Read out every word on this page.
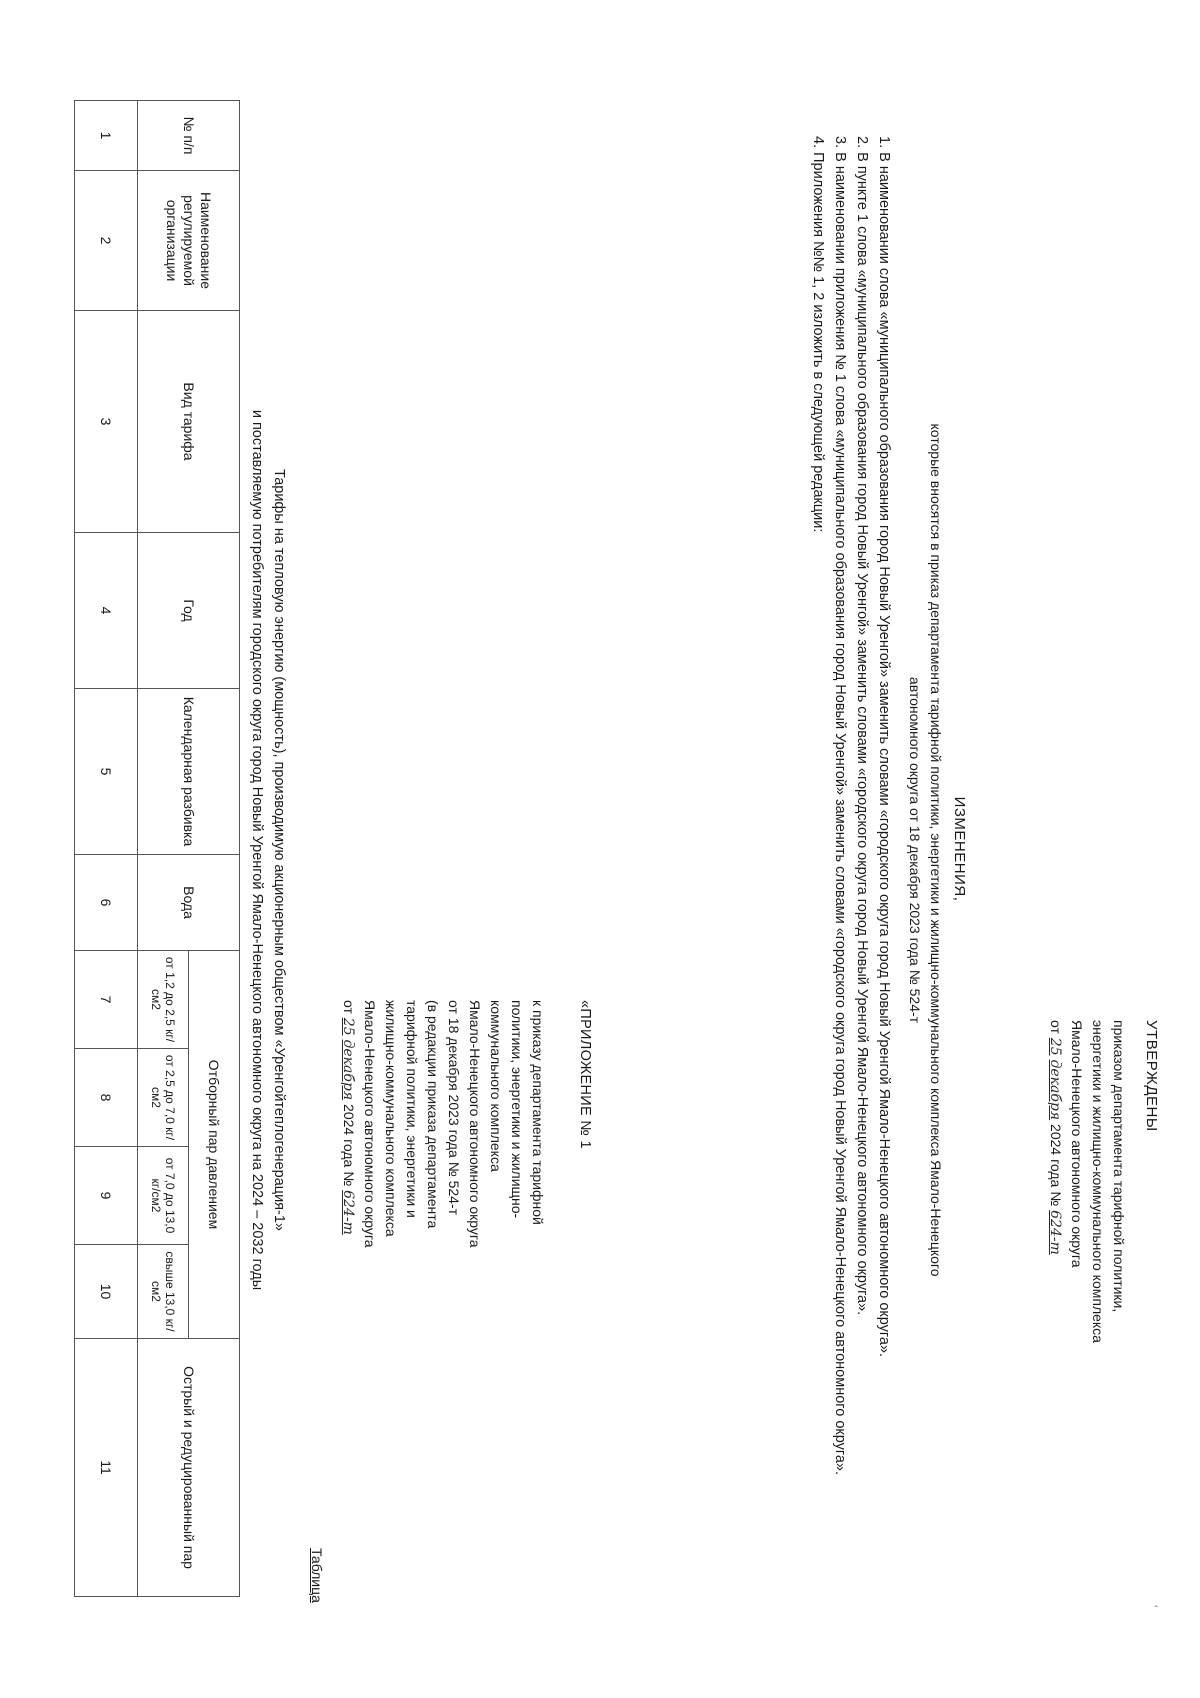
УТВЕРЖДЕНЫ
приказом департамента тарифной политики,
энергетики и жилищно-коммунального комплекса
Ямало-Ненецкого автономного округа
от 25 декабря 2024 года № 624-т
ИЗМЕНЕНИЯ,
которые вносятся в приказ департамента тарифной политики, энергетики и жилищно-коммунального комплекса Ямало-Ненецкого
автономного округа от 18 декабря 2023 года № 524-т

1. В наименовании слова «муниципального образования город Новый Уренгой» заменить словами «городского округа город Новый Уренгой Ямало-Ненецкого автономного округа».

2. В пункте 1 слова «муниципального образования город Новый Уренгой» заменить словами «городского округа город Новый Уренгой Ямало-Ненецкого автономного округа».

3. В наименовании приложения № 1 слова «муниципального образования город Новый Уренгой» заменить словами «городского округа город Новый Уренгой Ямало-Ненецкого автономного округа».

4. Приложения №№ 1, 2 изложить в следующей редакции:

«ПРИЛОЖЕНИЕ № 1
к приказу департамента тарифной
политики, энергетики и жилищно-
коммунального комплекса
Ямало-Ненецкого автономного округа
от 18 декабря 2023 года № 524-т
(в редакции приказа департамента
тарифной политики, энергетики и
жилищно-коммунального комплекса
Ямало-Ненецкого автономного округа
от 25 декабря 2024 года № 624-т
Таблица
Тарифы на тепловую энергию (мощность), производимую акционерным обществом «Уренгойтеплогенерация-1»
и поставляемую потребителям городского округа город Новый Уренгой Ямало-Ненецкого автономного округа на 2024 – 2032 годы
№ п/п	Наименование регулируемой организации	Вид тарифа	Год	Календарная разбивка	Вода	Отборный пар давлением				Острый и редуцированный пар
						от 1,2 до 2,5 кг/см2	от 2,5 до 7,0 кг/см2	от 7,0 до 13,0 кг/см2	свыше 13,0 кг/см2	
1	2	3	4	5	6	7	8	9	10	11
'
